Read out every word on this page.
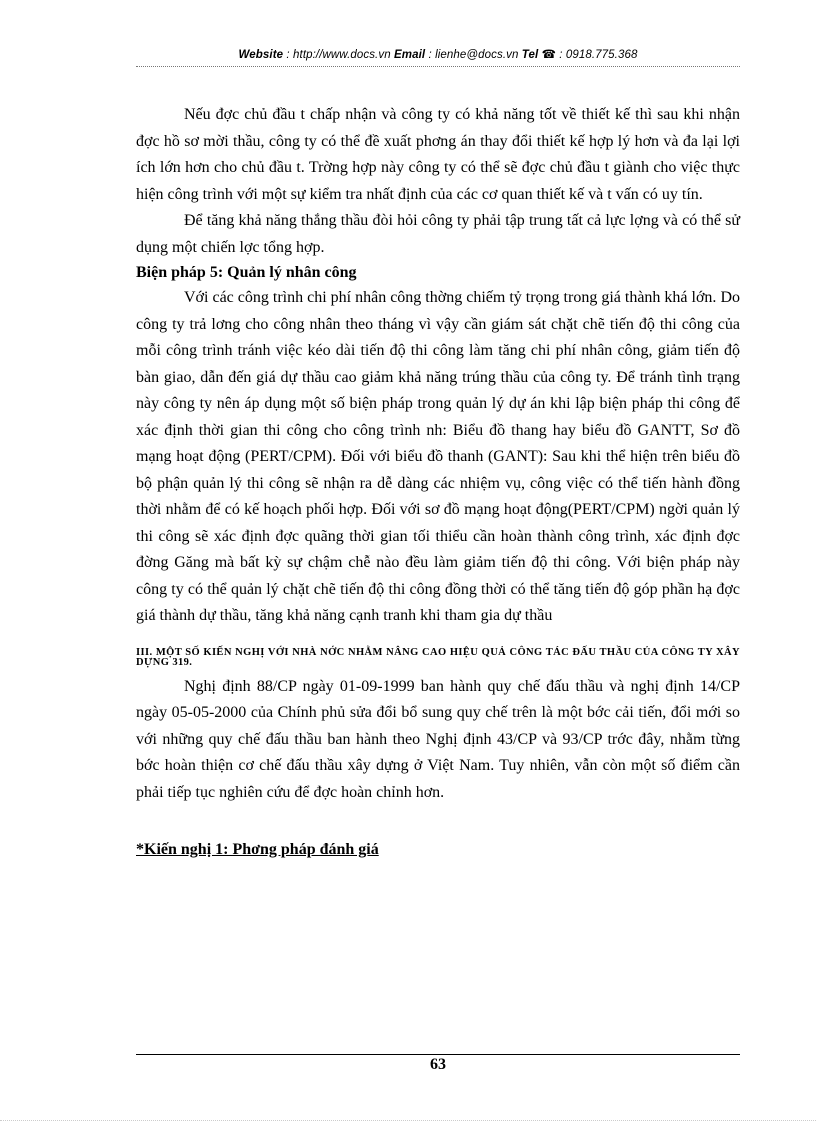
Website : http://www.docs.vn Email : lienhe@docs.vn Tel ☎ : 0918.775.368

Nếu đợc chủ đầu t chấp nhận và công ty có khả năng tốt về thiết kế thì sau khi nhận đợc hồ sơ mời thầu, công ty có thể đề xuất phơng án thay đổi thiết kế hợp lý hơn và đa lại lợi ích lớn hơn cho chủ đầu t. Trờng hợp này công ty có thể sẽ đợc chủ đầu t giành cho việc thực hiện công trình với một sự kiểm tra nhất định của các cơ quan thiết kế và t vấn có uy tín.

Để tăng khả năng thắng thầu đòi hỏi công ty phải tập trung tất cả lực lợng và có thể sử dụng một chiến lợc tổng hợp.

Biện pháp 5: Quản lý nhân công

Với các công trình chi phí nhân công thờng chiếm tỷ trọng trong giá thành khá lớn. Do công ty trả lơng cho công nhân theo tháng vì vậy cần giám sát chặt chẽ tiến độ thi công của mỗi công trình tránh việc kéo dài tiến độ thi công làm tăng chi phí nhân công, giảm tiến độ bàn giao, dẫn đến giá dự thầu cao giảm khả năng trúng thầu của công ty. Để tránh tình trạng này công ty nên áp dụng một số biện pháp trong quản lý dự án khi lập biện pháp thi công để xác định thời gian thi công cho công trình nh: Biểu đồ thang hay biểu đồ GANTT, Sơ đồ mạng hoạt động (PERT/CPM). Đối với biểu đồ thanh (GANT): Sau khi thể hiện trên biểu đồ bộ phận quản lý thi công sẽ nhận ra dễ dàng các nhiệm vụ, công việc có thể tiến hành đồng thời nhằm để có kế hoạch phối hợp. Đối với sơ đồ mạng hoạt động(PERT/CPM) ngời quản lý thi công sẽ xác định đợc quãng thời gian tối thiểu cần hoàn thành công trình, xác định đợc đờng Găng mà bất kỳ sự chậm chễ nào đều làm giảm tiến độ thi công. Với biện pháp này công ty có thể quản lý chặt chẽ tiến độ thi công đồng thời có thể tăng tiến độ góp phần hạ đợc giá thành dự thầu, tăng khả năng cạnh tranh khi tham gia dự thầu

III. MỘT SỐ KIẾN NGHỊ VỚI NHÀ NỚC NHẰM NÂNG CAO HIỆU QUẢ CÔNG TÁC ĐẤU THẦU CỦA CÔNG TY XÂY DỰNG 319.

Nghị định 88/CP ngày 01-09-1999 ban hành quy chế đấu thầu và nghị định 14/CP ngày 05-05-2000 của Chính phủ sửa đổi bổ sung quy chế trên là một bớc cải tiến, đổi mới so với những quy chế đấu thầu ban hành theo Nghị định 43/CP và 93/CP trớc đây, nhằm từng bớc hoàn thiện cơ chế đấu thầu xây dựng ở Việt Nam. Tuy nhiên, vẫn còn một số điểm cần phải tiếp tục nghiên cứu để đợc hoàn chỉnh hơn.

*Kiến nghị 1: Phơng pháp đánh giá

63
